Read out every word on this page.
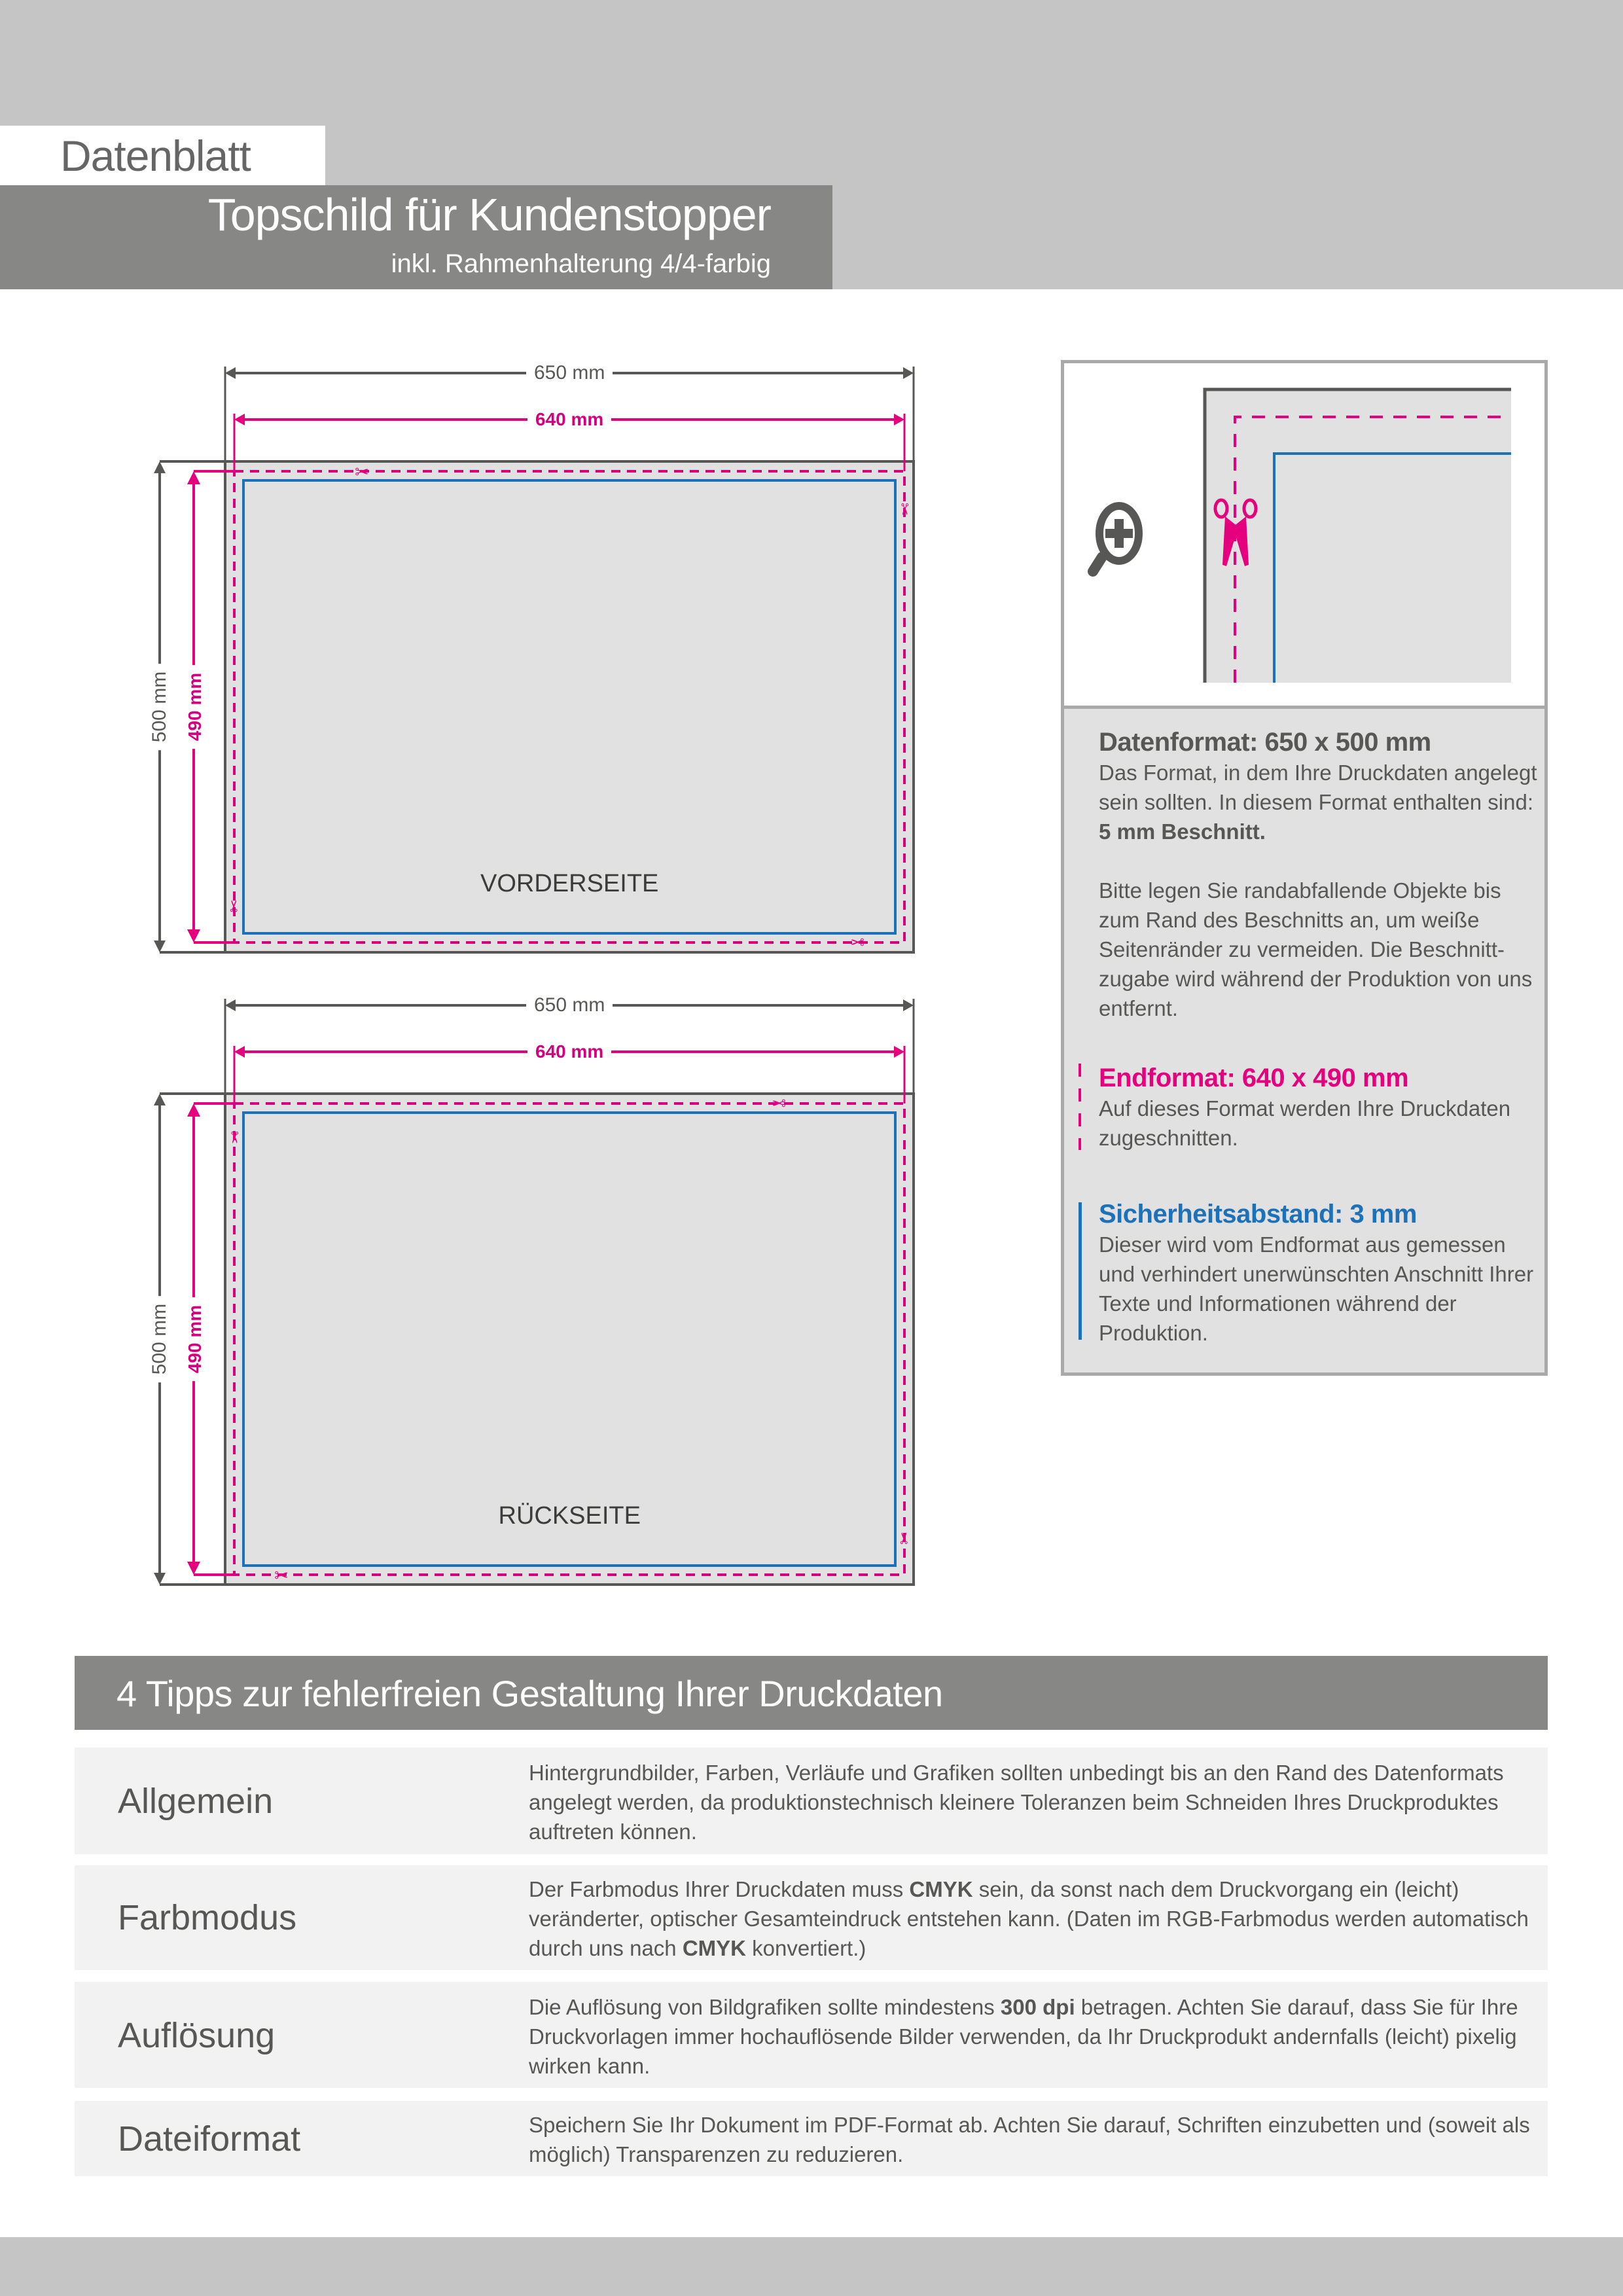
Datenblatt
Topschild für Kundenstopper
inkl. Rahmenhalterung 4/4-farbig
✂
✂
✂
✂
650 mm
640 mm
500 mm 490 mm
VORDERSEITE
✂
✂
✂
✂
650 mm
640 mm
500 mm 490 mm
RÜCKSEITE
Datenformat: 650 x 500 mm
Das Format, in dem Ihre Druckdaten angelegt sein sollten. In diesem Format enthalten sind: 5 mm Beschnitt.
Bitte legen Sie randabfallende Objekte bis zum Rand des Beschnitts an, um weiße Seitenränder zu vermeiden. Die Beschnitt-zugabe wird während der Produktion von uns entfernt.
Endformat: 640 x 490 mm
Auf dieses Format werden Ihre Druckdaten zugeschnitten.
Sicherheitsabstand: 3 mm
Dieser wird vom Endformat aus gemessen und verhindert unerwünschten Anschnitt Ihrer Texte und Informationen während der Produktion.
4 Tipps zur fehlerfreien Gestaltung Ihrer Druckdaten
Allgemein
Hintergrundbilder, Farben, Verläufe und Grafiken sollten unbedingt bis an den Rand des Datenformats angelegt werden, da produktionstechnisch kleinere Toleranzen beim Schneiden Ihres Druckproduktes auftreten können.
Farbmodus
Der Farbmodus Ihrer Druckdaten muss CMYK sein, da sonst nach dem Druckvorgang ein (leicht) veränderter, optischer Gesamteindruck entstehen kann. (Daten im RGB-Farbmodus werden automatisch durch uns nach CMYK konvertiert.)
Auflösung
Die Auflösung von Bildgrafiken sollte mindestens 300 dpi betragen. Achten Sie darauf, dass Sie für Ihre Druckvorlagen immer hochauflösende Bilder verwenden, da Ihr Druckprodukt andernfalls (leicht) pixelig wirken kann.
Dateiformat	Speichern Sie Ihr Dokument im PDF-Format ab. Achten Sie darauf, Schriften einzubetten und (soweit als möglich) Transparenzen zu reduzieren.
